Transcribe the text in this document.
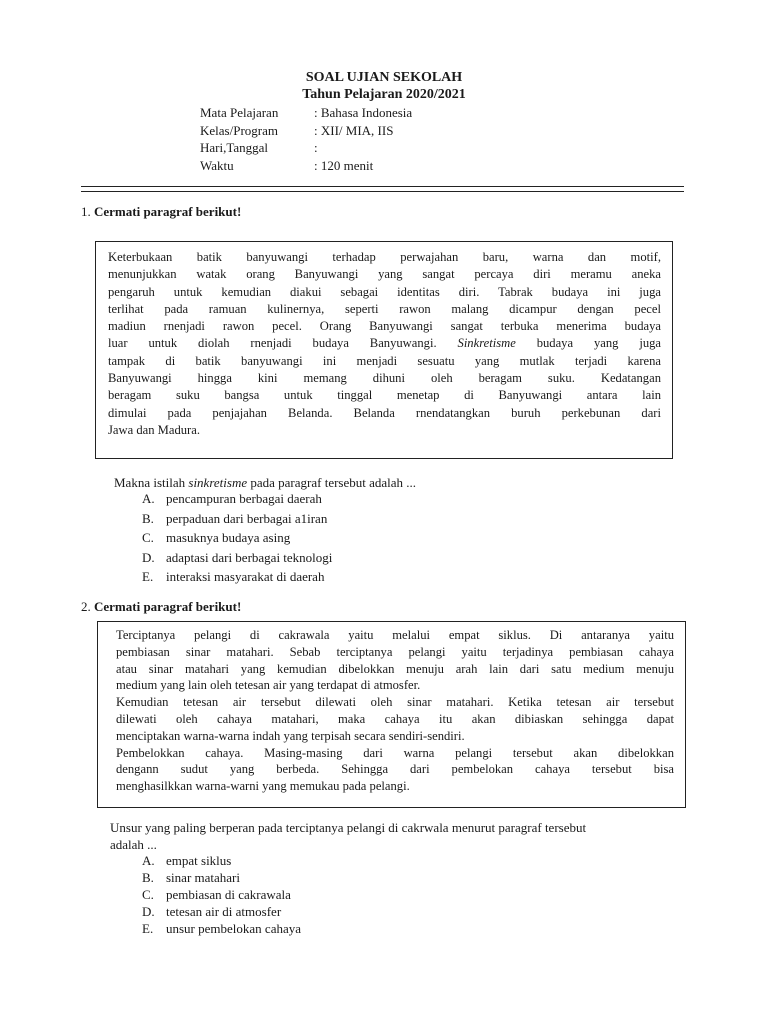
SOAL UJIAN SEKOLAH
Tahun Pelajaran 2020/2021
Mata Pelajaran	: Bahasa Indonesia
Kelas/Program	: XII/ MIA, IIS
Hari,Tanggal	:
Waktu	: 120 menit
1. Cermati paragraf berikut!

Keterbukaan batik banyuwangi terhadap perwajahan baru, warna dan motif,

menunjukkan watak orang Banyuwangi yang sangat percaya diri meramu aneka

pengaruh untuk kemudian diakui sebagai identitas diri. Tabrak budaya ini juga

terlihat pada ramuan kulinernya, seperti rawon malang dicampur dengan pecel

madiun rnenjadi rawon pecel. Orang Banyuwangi sangat terbuka menerima budaya

luar untuk diolah rnenjadi budaya Banyuwangi. Sinkretisme budaya yang juga

tampak di batik banyuwangi ini menjadi sesuatu yang mutlak terjadi karena

Banyuwangi hingga kini memang dihuni oleh beragam suku. Kedatangan

beragam suku bangsa untuk tinggal menetap di Banyuwangi antara lain

dimulai pada penjajahan Belanda. Belanda rnendatangkan buruh perkebunan dari

Jawa dan Madura.

Makna istilah sinkretisme pada paragraf tersebut adalah ...
A. pencampuran berbagai daerah
B. perpaduan dari berbagai a1iran
C. masuknya budaya asing
D. adaptasi dari berbagai teknologi
E. interaksi masyarakat di daerah
2. Cermati paragraf berikut!

Terciptanya pelangi di cakrawala yaitu melalui empat siklus. Di antaranya yaitu

pembiasan sinar matahari. Sebab terciptanya pelangi yaitu terjadinya pembiasan cahaya

atau sinar matahari yang kemudian dibelokkan menuju arah lain dari satu medium menuju

medium yang lain oleh tetesan air yang terdapat di atmosfer.

Kemudian tetesan air tersebut dilewati oleh sinar matahari. Ketika tetesan air tersebut

dilewati oleh cahaya matahari, maka cahaya itu akan dibiaskan sehingga dapat

menciptakan warna-warna indah yang terpisah secara sendiri-sendiri.

Pembelokkan cahaya. Masing-masing dari warna pelangi tersebut akan dibelokkan

dengann sudut yang berbeda. Sehingga dari pembelokan cahaya tersebut bisa

menghasilkkan warna-warni yang memukau pada pelangi.

Unsur yang paling berperan pada terciptanya pelangi di cakrwala menurut paragraf tersebut
adalah ...
A. empat siklus
B. sinar matahari
C. pembiasan di cakrawala
D. tetesan air di atmosfer
E. unsur pembelokan cahaya
